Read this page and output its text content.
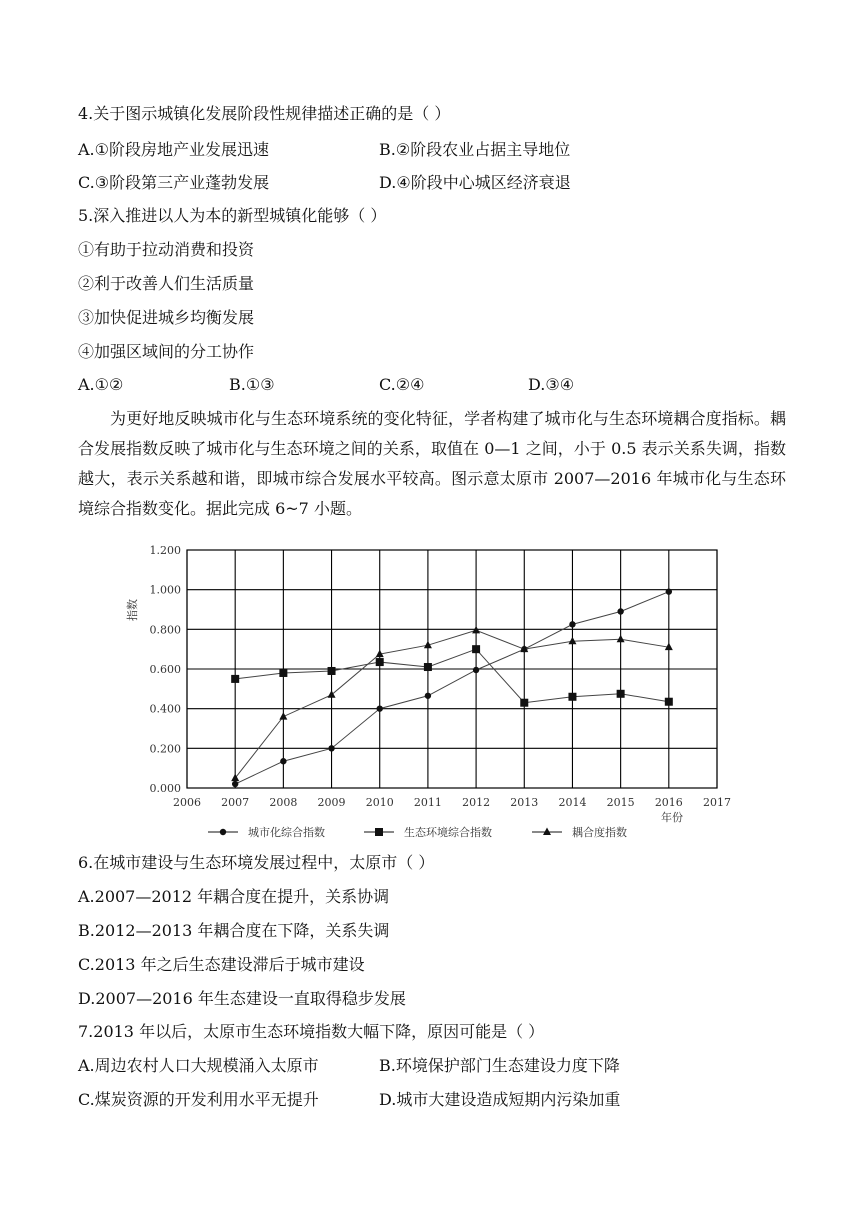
4.关于图示城镇化发展阶段性规律描述正确的是（ ）
A.①阶段房地产业发展迅速	B.②阶段农业占据主导地位
C.③阶段第三产业蓬勃发展	D.④阶段中心城区经济衰退
5.深入推进以人为本的新型城镇化能够（ ）
①有助于拉动消费和投资
②利于改善人们生活质量
③加快促进城乡均衡发展
④加强区域间的分工协作
A.①②	B.①③	C.②④	D.③④
为更好地反映城市化与生态环境系统的变化特征，学者构建了城市化与生态环境耦合度指标。耦合发展指数反映了城市化与生态环境之间的关系，取值在 0—1 之间，小于 0.5 表示关系失调，指数越大，表示关系越和谐，即城市综合发展水平较高。图示意太原市 2007—2016 年城市化与生态环境综合指数变化。据此完成 6~7 小题。
0.000
0.200
0.400
0.600
0.800
1.000
1.200
2006 2007 2008 2009 2010 2011 2012 2013 2014 2015 2016 2017
指数
年份
城市化综合指数	生态环境综合指数	耦合度指数
6.在城市建设与生态环境发展过程中，太原市（ ）
A.2007—2012 年耦合度在提升，关系协调
B.2012—2013 年耦合度在下降，关系失调
C.2013 年之后生态建设滞后于城市建设
D.2007—2016 年生态建设一直取得稳步发展
7.2013 年以后，太原市生态环境指数大幅下降，原因可能是（ ）
A.周边农村人口大规模涌入太原市	B.环境保护部门生态建设力度下降
C.煤炭资源的开发利用水平无提升	D.城市大建设造成短期内污染加重
